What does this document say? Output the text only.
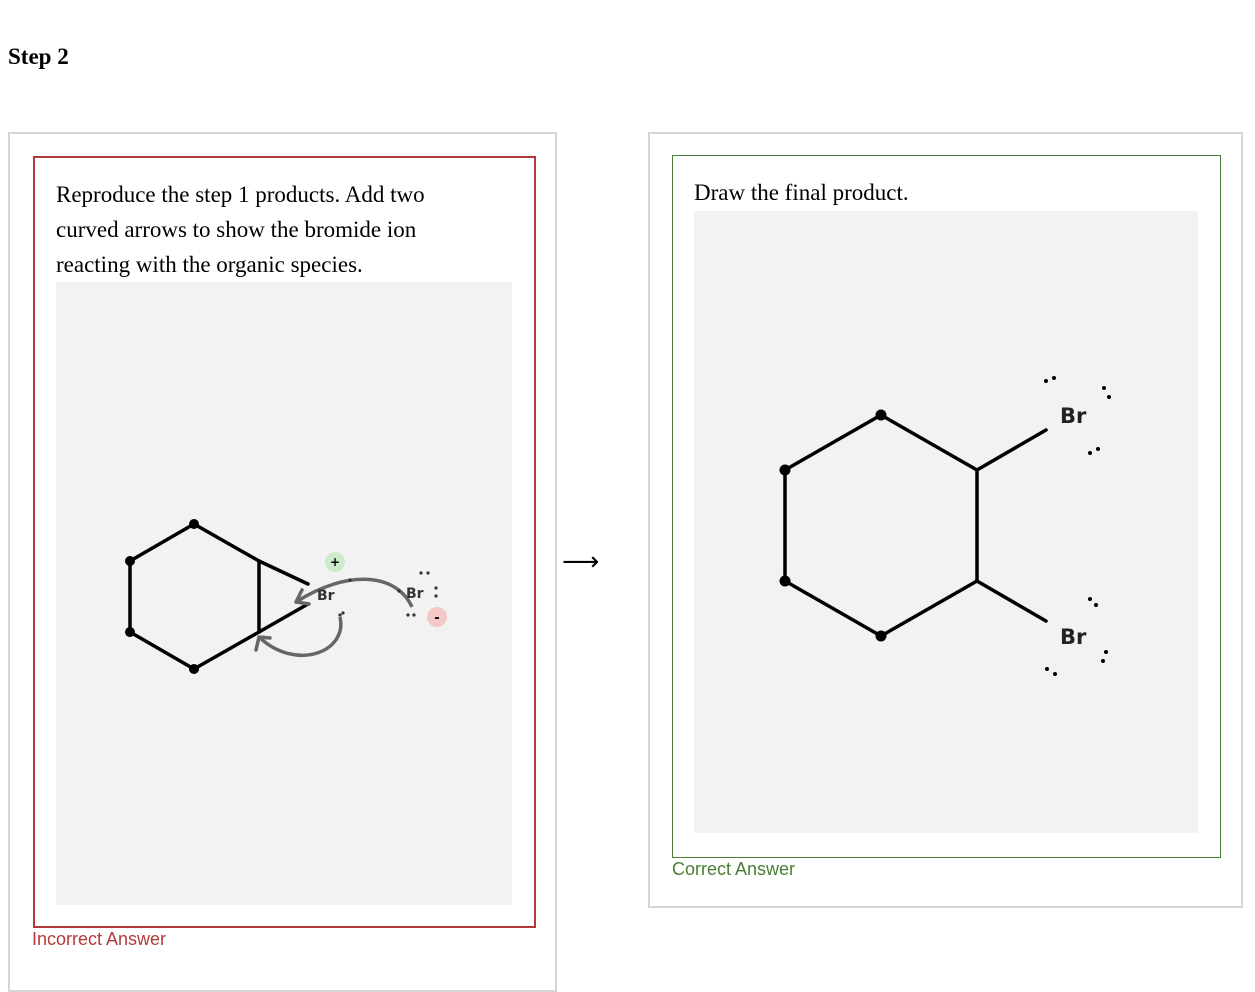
Step 2

Reproduce the step 1 products. Add two curved arrows to show the bromide ion reacting with the organic species.

Br	Br
+
-

Incorrect Answer

⟶

Draw the final product.

Br
Br

Correct Answer
